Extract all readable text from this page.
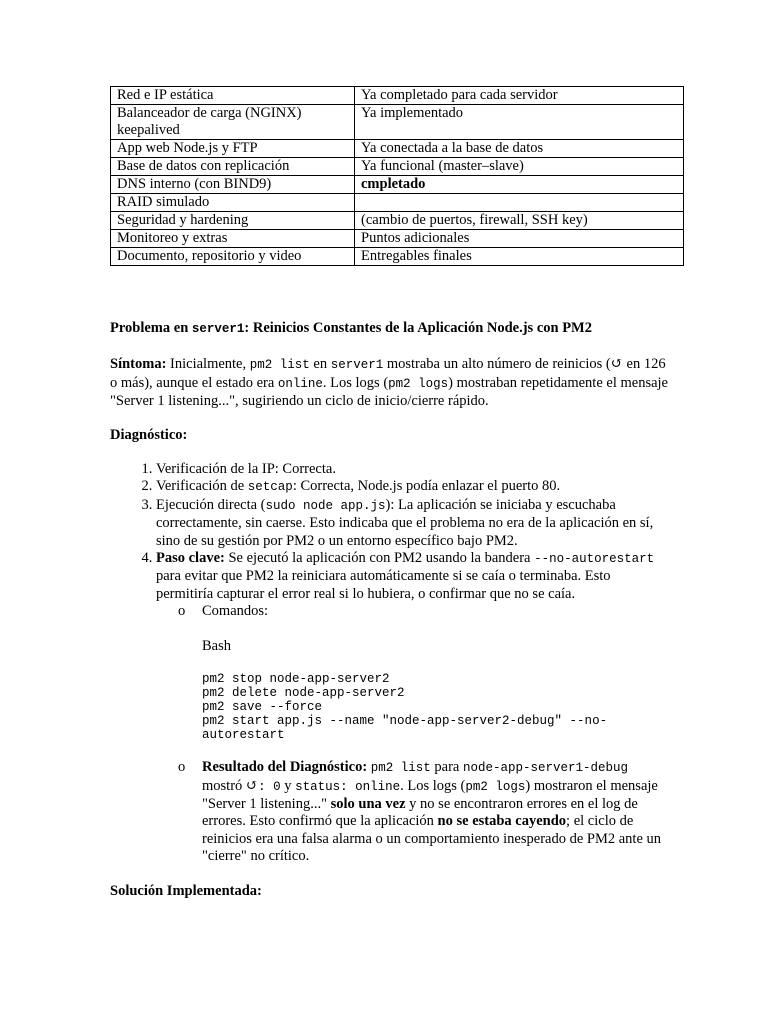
Red e IP estática	Ya completado para cada servidor
Balanceador de carga (NGINX) keepalived	Ya implementado
App web Node.js y FTP	Ya conectada a la base de datos
Base de datos con replicación	Ya funcional (master–slave)
DNS interno (con BIND9)	cmpletado
RAID simulado	
Seguridad y hardening	(cambio de puertos, firewall, SSH key)
Monitoreo y extras	Puntos adicionales
Documento, repositorio y video	Entregables finales
Problema en server1: Reinicios Constantes de la Aplicación Node.js con PM2

Síntoma: Inicialmente, pm2 list en server1 mostraba un alto número de reinicios (↺ en 126 o más), aunque el estado era online. Los logs (pm2 logs) mostraban repetidamente el mensaje "Server 1 listening...", sugiriendo un ciclo de inicio/cierre rápido.

Diagnóstico:
1. Verificación de la IP: Correcta.
2. Verificación de setcap: Correcta, Node.js podía enlazar el puerto 80.
3. Ejecución directa (sudo node app.js): La aplicación se iniciaba y escuchaba correctamente, sin caerse. Esto indicaba que el problema no era de la aplicación en sí, sino de su gestión por PM2 o un entorno específico bajo PM2.
4. Paso clave: Se ejecutó la aplicación con PM2 usando la bandera --no-autorestart para evitar que PM2 la reiniciara automáticamente si se caía o terminaba. Esto permitiría capturar el error real si lo hubiera, o confirmar que no se caía.
o Comandos:

Bash

pm2 stop node-app-server2
pm2 delete node-app-server2
pm2 save --force
pm2 start app.js --name "node-app-server2-debug" --no-
autorestart
o Resultado del Diagnóstico: pm2 list para node-app-server1-debug mostró ↺: 0 y status: online. Los logs (pm2 logs) mostraron el mensaje "Server 1 listening..." solo una vez y no se encontraron errores en el log de errores. Esto confirmó que la aplicación no se estaba cayendo; el ciclo de reinicios era una falsa alarma o un comportamiento inesperado de PM2 ante un "cierre" no crítico.
Solución Implementada:
